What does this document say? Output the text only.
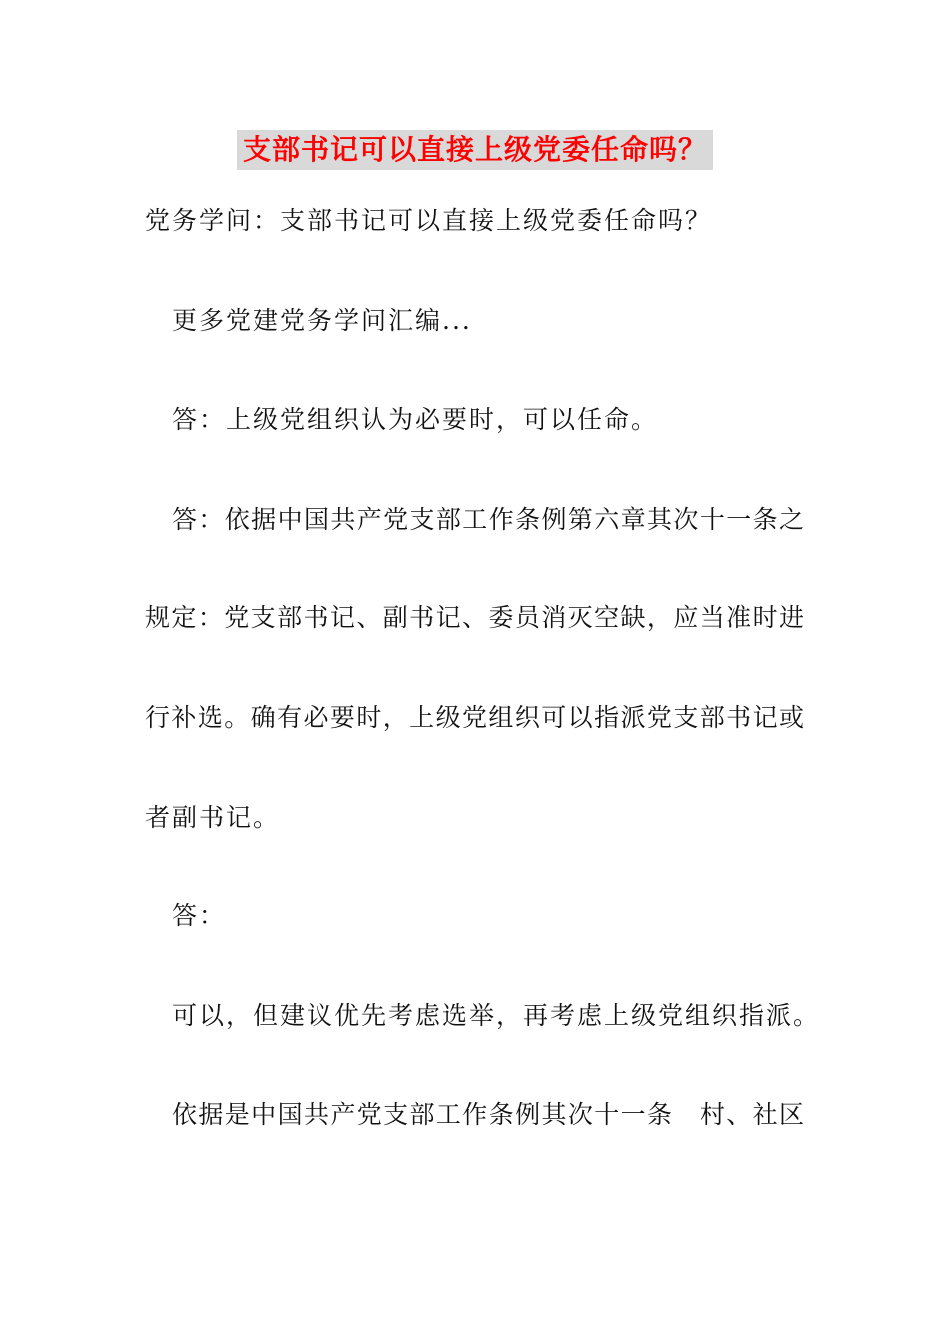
支部书记可以直接上级党委任命吗？
党务学问：支部书记可以直接上级党委任命吗？
更多党建党务学问汇编...
答：上级党组织认为必要时，可以任命。
答：依据中国共产党支部工作条例第六章其次十一条之
规定：党支部书记、副书记、委员消灭空缺，应当准时进
行补选。确有必要时，上级党组织可以指派党支部书记或
者副书记。
答：
可以，但建议优先考虑选举，再考虑上级党组织指派。
依据是中国共产党支部工作条例其次十一条　村、社区
